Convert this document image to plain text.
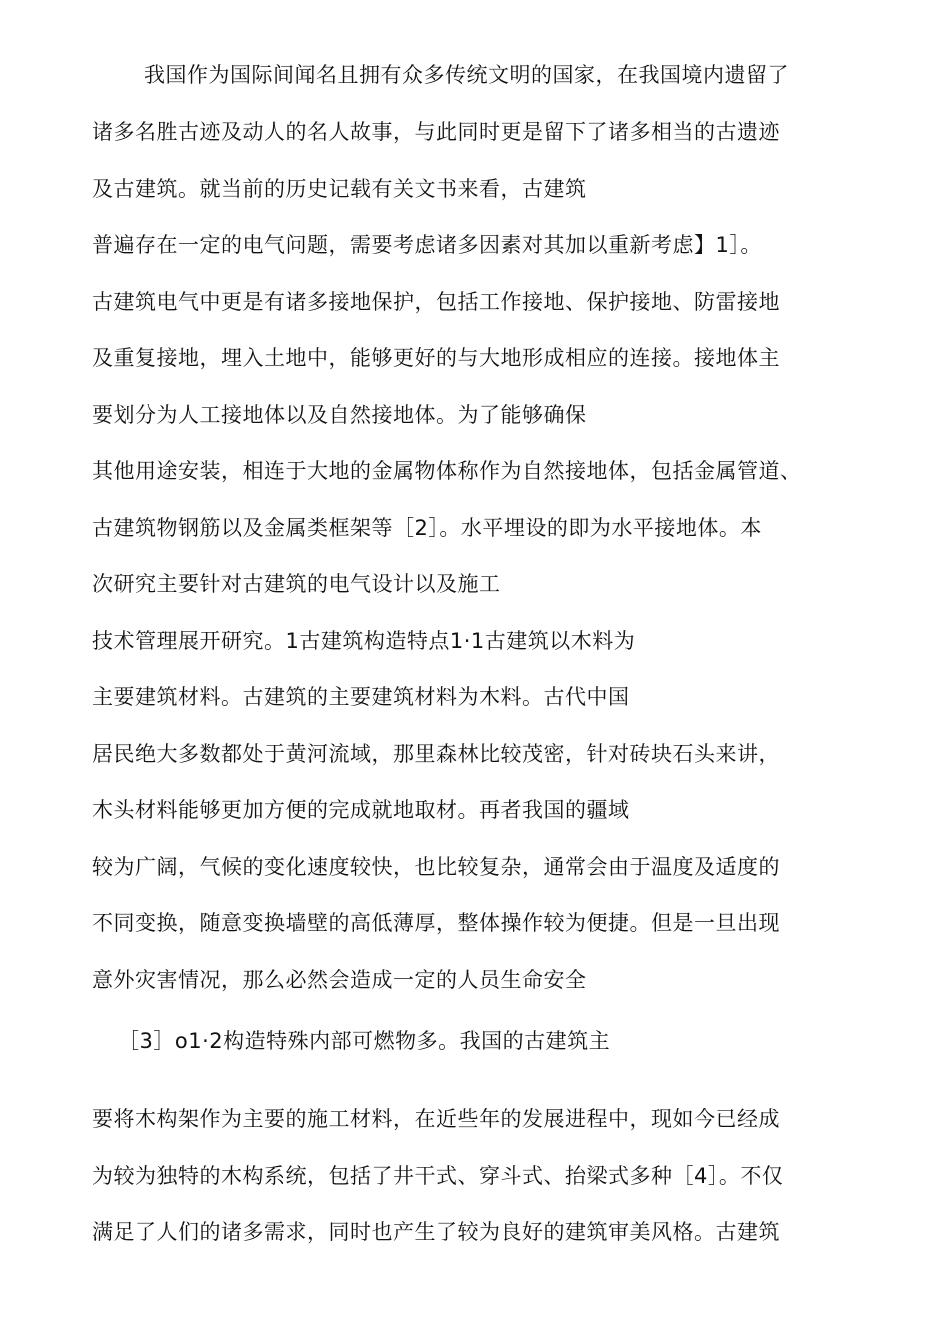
我国作为国际间闻名且拥有众多传统文明的国家，在我国境内遗留了
诸多名胜古迹及动人的名人故事，与此同时更是留下了诸多相当的古遗迹
及古建筑。就当前的历史记载有关文书来看，古建筑
普遍存在一定的电气问题，需要考虑诸多因素对其加以重新考虑】1］。
古建筑电气中更是有诸多接地保护，包括工作接地、保护接地、防雷接地
及重复接地，埋入土地中，能够更好的与大地形成相应的连接。接地体主
要划分为人工接地体以及自然接地体。为了能够确保
其他用途安装，相连于大地的金属物体称作为自然接地体，包括金属管道、
古建筑物钢筋以及金属类框架等［2］。水平埋设的即为水平接地体。本
次研究主要针对古建筑的电气设计以及施工
技术管理展开研究。1古建筑构造特点1·1古建筑以木料为
主要建筑材料。古建筑的主要建筑材料为木料。古代中国
居民绝大多数都处于黄河流域，那里森林比较茂密，针对砖块石头来讲，
木头材料能够更加方便的完成就地取材。再者我国的疆域
较为广阔，气候的变化速度较快，也比较复杂，通常会由于温度及适度的
不同变换，随意变换墙壁的高低薄厚，整体操作较为便捷。但是一旦出现
意外灾害情况，那么必然会造成一定的人员生命安全
［3］o1·2构造特殊内部可燃物多。我国的古建筑主
要将木构架作为主要的施工材料，在近些年的发展进程中，现如今已经成
为较为独特的木构系统，包括了井干式、穿斗式、抬梁式多种［4］。不仅
满足了人们的诸多需求，同时也产生了较为良好的建筑审美风格。古建筑
